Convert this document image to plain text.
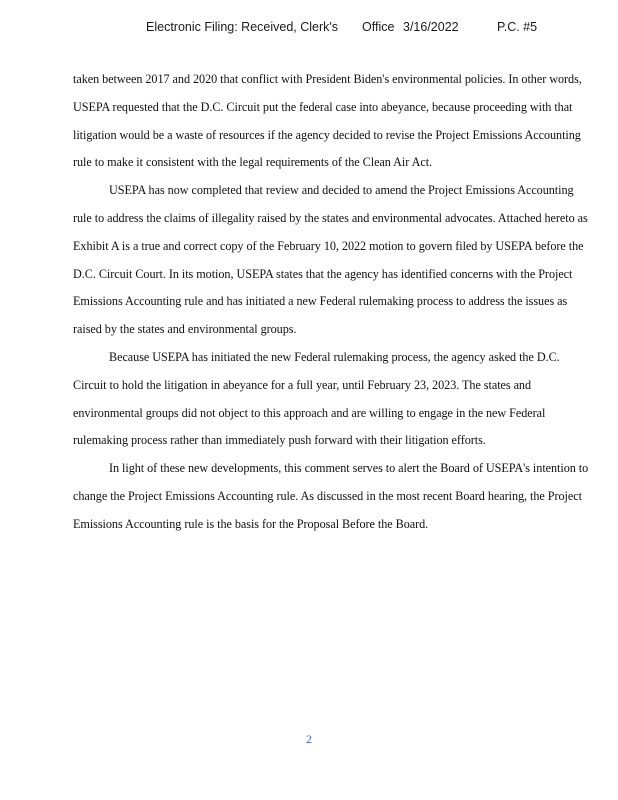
Electronic Filing: Received, Clerk's Office 3/16/2022	P.C. #5

taken between 2017 and 2020 that conflict with President Biden's environmental policies. In other words, USEPA requested that the D.C. Circuit put the federal case into abeyance, because proceeding with that litigation would be a waste of resources if the agency decided to revise the Project Emissions Accounting rule to make it consistent with the legal requirements of the Clean Air Act.

USEPA has now completed that review and decided to amend the Project Emissions Accounting rule to address the claims of illegality raised by the states and environmental advocates. Attached hereto as Exhibit A is a true and correct copy of the February 10, 2022 motion to govern filed by USEPA before the D.C. Circuit Court. In its motion, USEPA states that the agency has identified concerns with the Project Emissions Accounting rule and has initiated a new Federal rulemaking process to address the issues as raised by the states and environmental groups.

Because USEPA has initiated the new Federal rulemaking process, the agency asked the D.C. Circuit to hold the litigation in abeyance for a full year, until February 23, 2023. The states and environmental groups did not object to this approach and are willing to engage in the new Federal rulemaking process rather than immediately push forward with their litigation efforts.

In light of these new developments, this comment serves to alert the Board of USEPA's intention to change the Project Emissions Accounting rule. As discussed in the most recent Board hearing, the Project Emissions Accounting rule is the basis for the Proposal Before the Board.

2
